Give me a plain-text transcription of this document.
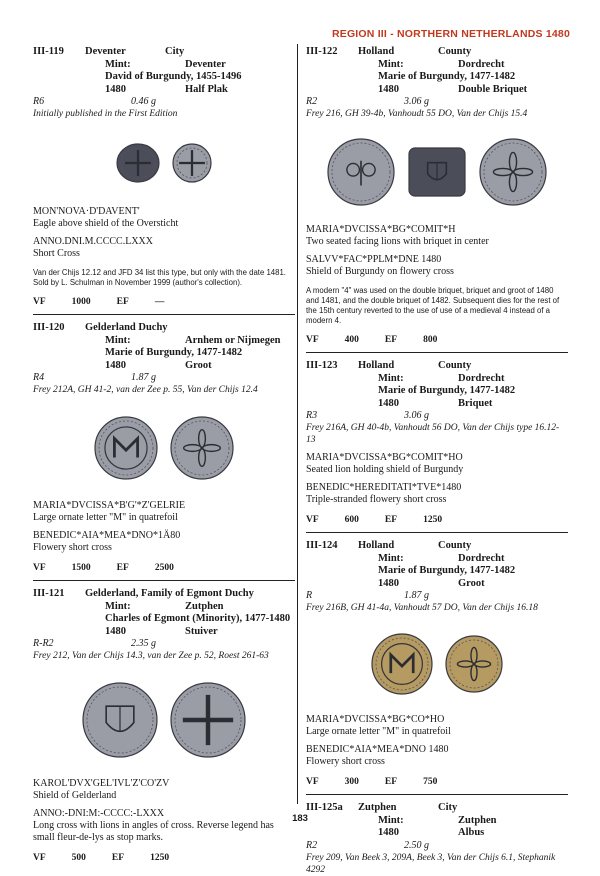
REGION III - NORTHERN NETHERLANDS 1480
III-119	Deventer	City
Mint:	Deventer
David of Burgundy, 1455-1496
1480	Half Plak
R6	0.46 g
Initially published in the First Edition
MON'NOVA·D'DAVENT'
Eagle above shield of the Oversticht
ANNO.DNI.M.CCCC.LXXX
Short Cross
Van der Chijs 12.12 and JFD 34 list this type, but only with the date 1481. Sold by L. Schulman in November 1999 (author's collection).
VF	1000	EF	—
III-120	Gelderland Duchy
Mint:	Arnhem or Nijmegen
Marie of Burgundy, 1477-1482
1480	Groot
R4	1.87 g
Frey 212A, GH 41-2, van der Zee p. 55, Van der Chijs 12.4
MARIA*DVCISSA*B'G'*Z'GELRIE
Large ornate letter "M" in quatrefoil
BENEDIC*AIA*MEA*DNO*1Ä80
Flowery short cross
VF	1500	EF	2500
III-121	Gelderland, Family of Egmont Duchy
Mint:	Zutphen
Charles of Egmont (Minority), 1477-1480
1480	Stuiver
R-R2	2.35 g
Frey 212, Van der Chijs 14.3, van der Zee p. 52, Roest 261-63
KAROL'DVX'GEL'IVL'Z'CO'ZV
Shield of Gelderland
ANNO:-DNI:M:-CCCC:-LXXX
Long cross with lions in angles of cross. Reverse legend has small fleur-de-lys as stop marks.
VF	500	EF	1250
III-122	Holland	County
Mint:	Dordrecht
Marie of Burgundy, 1477-1482
1480	Double Briquet
R2	3.06 g
Frey 216, GH 39-4b, Vanhoudt 55 DO, Van der Chijs 15.4
MARIA*DVCISSA*BG*COMIT*H
Two seated facing lions with briquet in center
SALVV*FAC*PPLM*DNE 1480
Shield of Burgundy on flowery cross
A modern "4" was used on the double briquet, briquet and groot of 1480 and 1481, and the double briquet of 1482. Subsequent dies for the rest of the 15th century reverted to the use of use of a medieval 4 instead of a modern 4.
VF	400	EF	800
III-123	Holland	County
Mint:	Dordrecht
Marie of Burgundy, 1477-1482
1480	Briquet
R3	3.06 g
Frey 216A, GH 40-4b, Vanhoudt 56 DO, Van der Chijs type 16.12-13
MARIA*DVCISSA*BG*COMIT*HO
Seated lion holding shield of Burgundy
BENEDIC*HEREDITATI*TVE*1480
Triple-stranded flowery short cross
VF	600	EF	1250
III-124	Holland	County
Mint:	Dordrecht
Marie of Burgundy, 1477-1482
1480	Groot
R	1.87 g
Frey 216B, GH 41-4a, Vanhoudt 57 DO, Van der Chijs 16.18
MARIA*DVCISSA*BG*CO*HO
Large ornate letter "M" in quatrefoil
BENEDIC*AIA*MEA*DNO 1480
Flowery short cross
VF	300	EF	750
III-125a	Zutphen	City
Mint:	Zutphen
1480	Albus
R2	2.50 g
Frey 209, Van Beek 3, 209A, Beek 3, Van der Chijs 6.1, Stephanik 4292
183
